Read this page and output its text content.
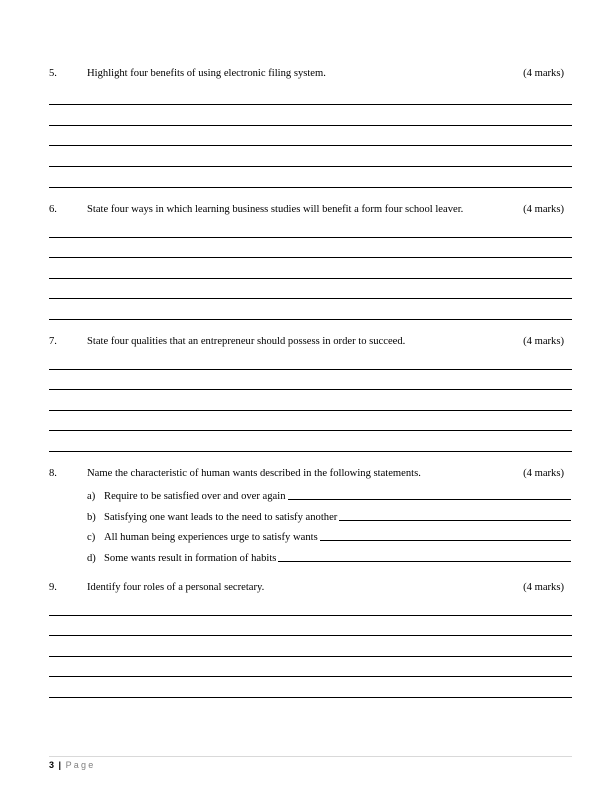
5.	Highlight four benefits of using electronic filing system.	(4 marks)
6.	State four ways in which learning business studies will benefit a form four school leaver.	(4 marks)
7.	State four qualities that an entrepreneur should possess in order to succeed.	(4 marks)
8.	Name the characteristic of human wants described in the following statements.	(4 marks)
a) Require to be satisfied over and over again
b) Satisfying one want leads to the need to satisfy another
c) All human being experiences urge to satisfy wants
d) Some wants result in formation of habits
9.	Identify four roles of a personal secretary.	(4 marks)
3 | Page
